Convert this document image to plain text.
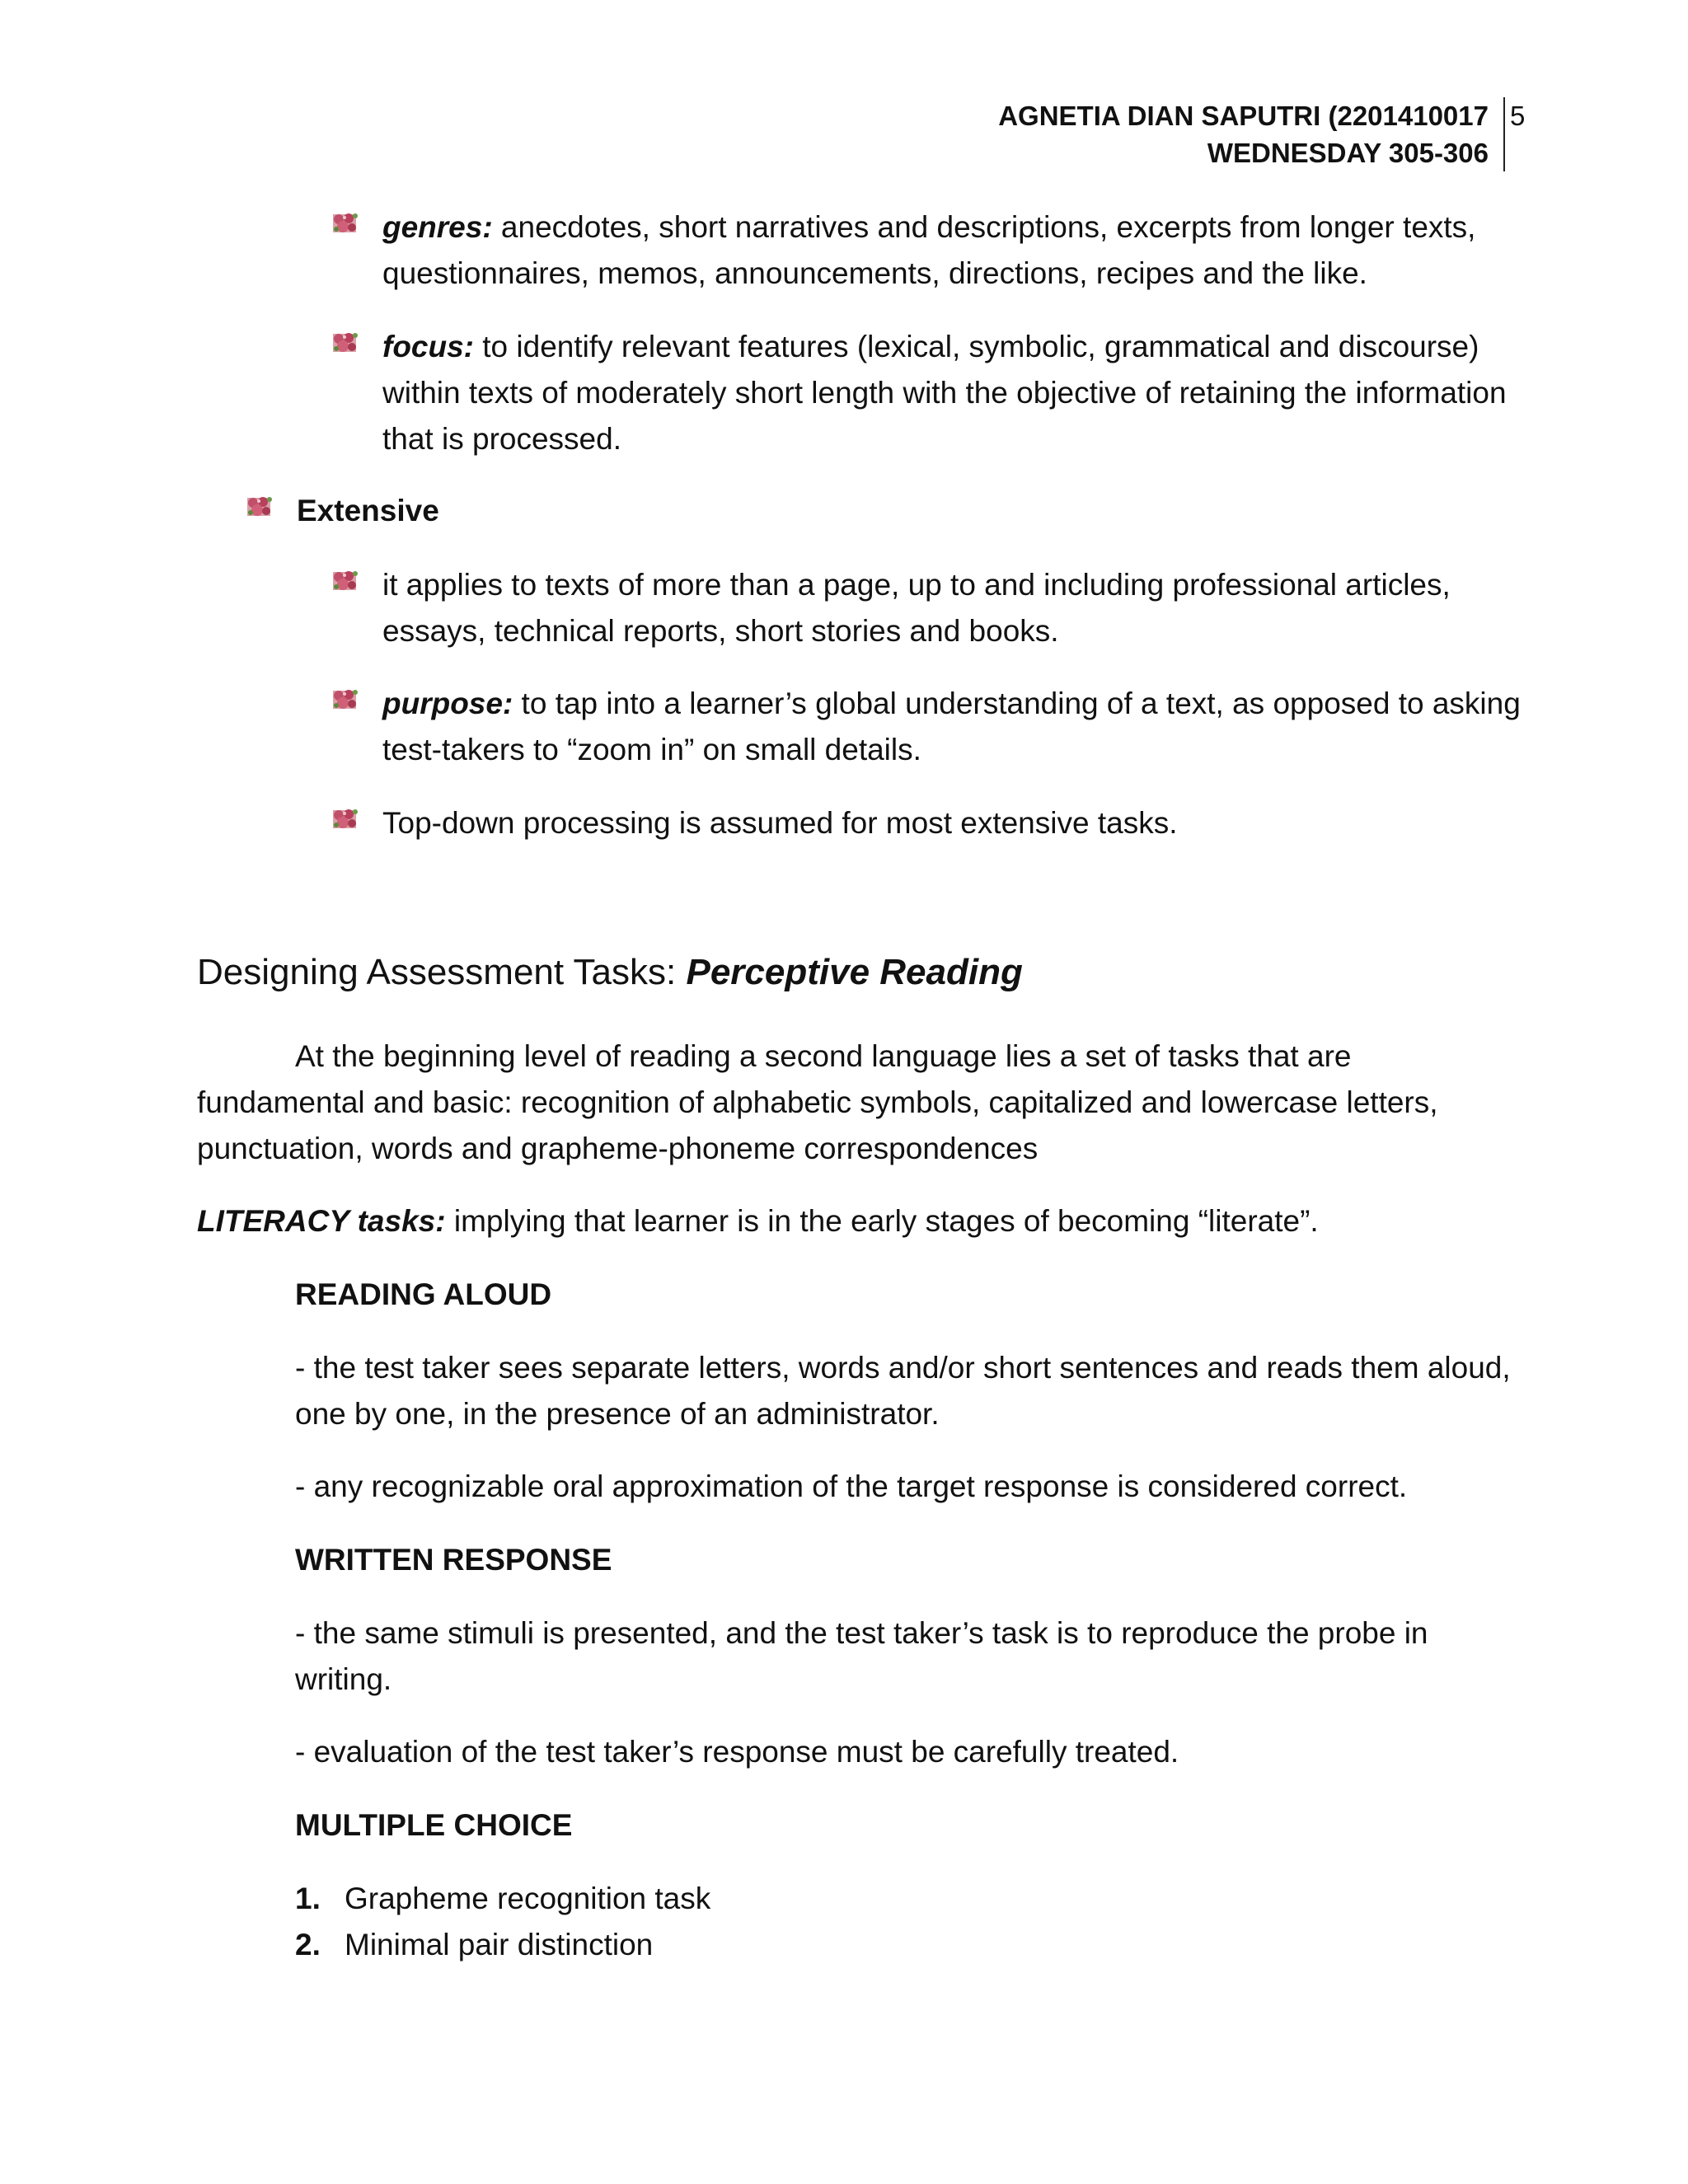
AGNETIA DIAN SAPUTRI (2201410017
WEDNESDAY 305-306
5
genres: anecdotes, short narratives and descriptions, excerpts from longer texts, questionnaires, memos, announcements, directions, recipes and the like.
focus: to identify relevant features (lexical, symbolic, grammatical and discourse) within texts of moderately short length with the objective of retaining the information that is processed.
Extensive
it applies to texts of more than a page, up to and including professional articles, essays, technical reports, short stories and books.
purpose: to tap into a learner’s global understanding of a text, as opposed to asking test-takers to “zoom in” on small details.
Top-down processing is assumed for most extensive tasks.
Designing Assessment Tasks: Perceptive Reading
At the beginning level of reading a second language lies a set of tasks that are fundamental and basic: recognition of alphabetic symbols, capitalized and lowercase letters, punctuation, words and grapheme-phoneme correspondences
LITERACY tasks: implying that learner is in the early stages of becoming “literate”.
READING ALOUD
- the test taker sees separate letters, words and/or short sentences and reads them aloud, one by one, in the presence of an administrator.
- any recognizable oral approximation of the target response is considered correct.
WRITTEN RESPONSE
- the same stimuli is presented, and the test taker’s task is to reproduce the probe in writing.
- evaluation of the test taker’s response must be carefully treated.
MULTIPLE CHOICE
1. Grapheme recognition task
2. Minimal pair distinction
